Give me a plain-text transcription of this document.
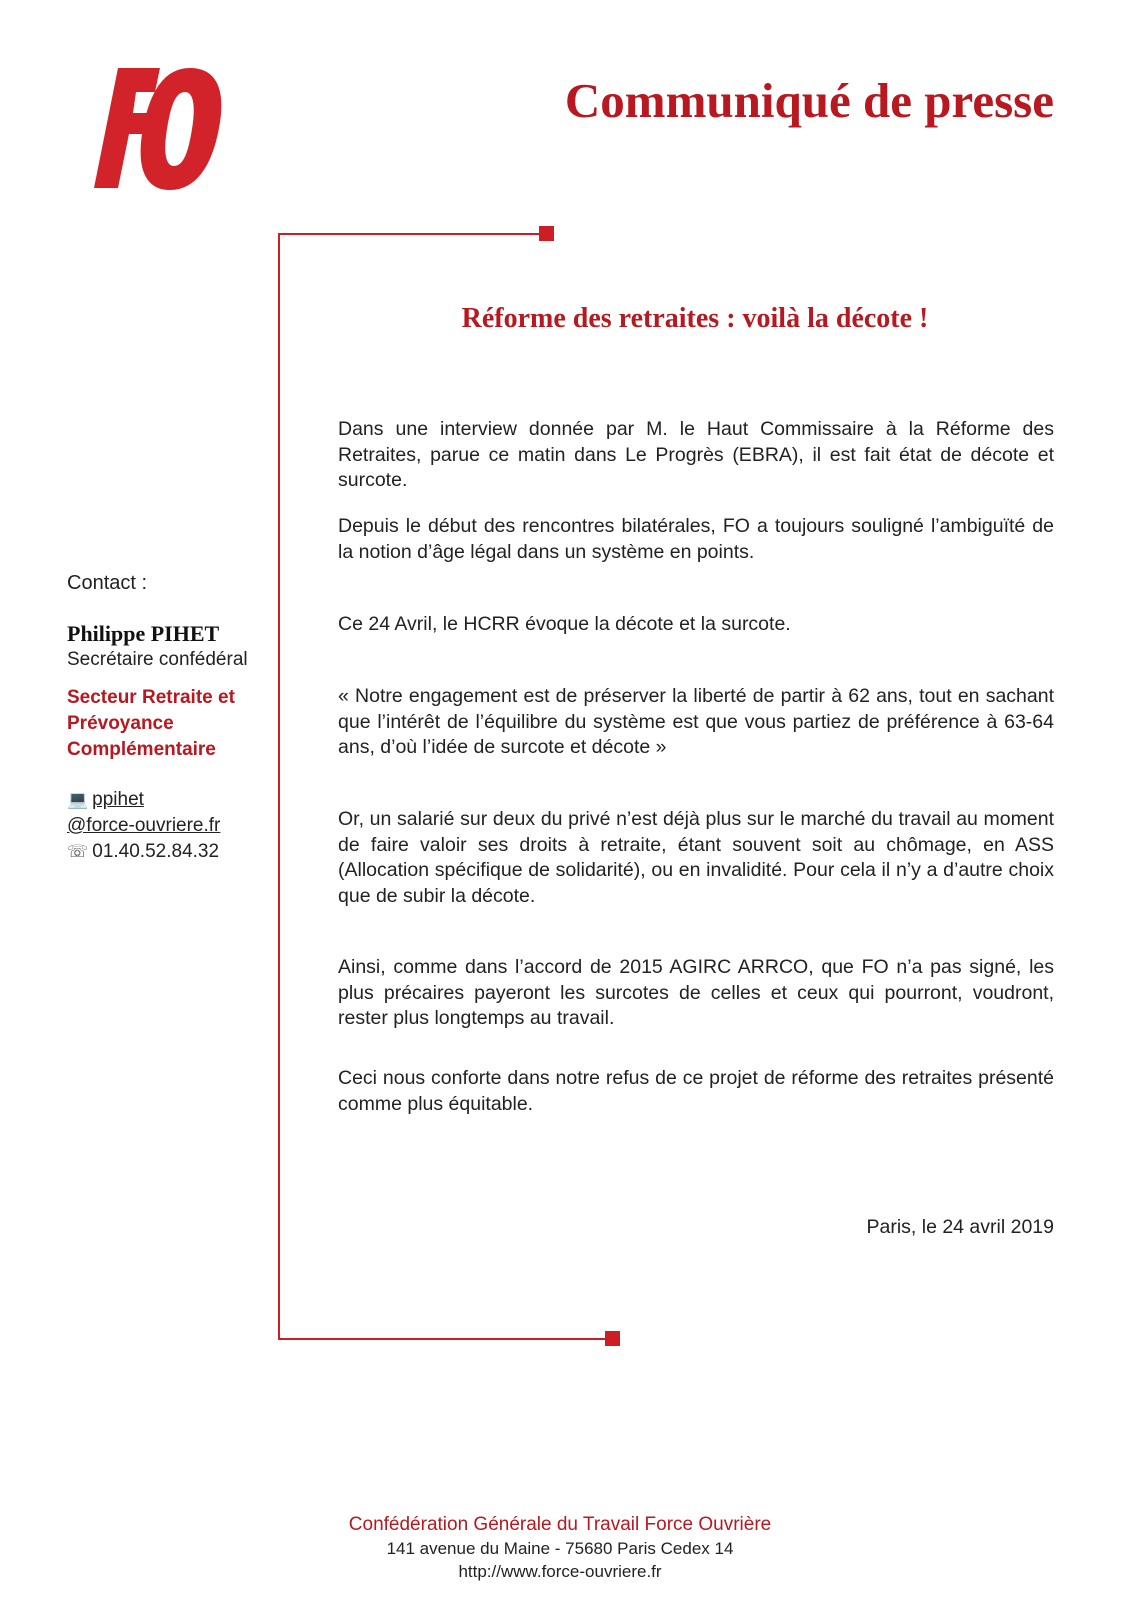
Communiqué de presse
Contact :
Philippe PIHET
Secrétaire confédéral
Secteur Retraite et
Prévoyance
Complémentaire
💻 ppihet
@force-ouvriere.fr
☏ 01.40.52.84.32
Réforme des retraites : voilà la décote !

Dans une interview donnée par M. le Haut Commissaire à la Réforme des Retraites, parue ce matin dans Le Progrès (EBRA), il est fait état de décote et surcote.

Depuis le début des rencontres bilatérales, FO a toujours souligné l’ambiguïté de la notion d’âge légal dans un système en points.

Ce 24 Avril, le HCRR évoque la décote et la surcote.

« Notre engagement est de préserver la liberté de partir à 62 ans, tout en sachant que l’intérêt de l’équilibre du système est que vous partiez de préférence à 63-64 ans, d’où l’idée de surcote et décote »

Or, un salarié sur deux du privé n’est déjà plus sur le marché du travail au moment de faire valoir ses droits à retraite, étant souvent soit au chômage, en ASS (Allocation spécifique de solidarité), ou en invalidité. Pour cela il n’y a d’autre choix que de subir la décote.

Ainsi, comme dans l’accord de 2015 AGIRC ARRCO, que FO n’a pas signé, les plus précaires payeront les surcotes de celles et ceux qui pourront, voudront, rester plus longtemps au travail.

Ceci nous conforte dans notre refus de ce projet de réforme des retraites présenté comme plus équitable.

Paris, le 24 avril 2019
Confédération Générale du Travail Force Ouvrière
141 avenue du Maine - 75680 Paris Cedex 14
http://www.force-ouvriere.fr
